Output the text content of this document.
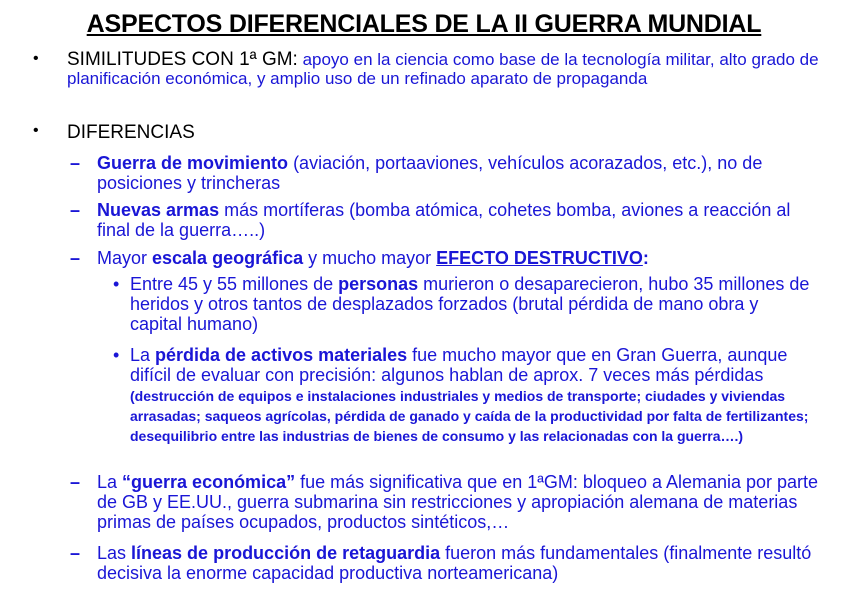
ASPECTOS DIFERENCIALES DE LA II GUERRA MUNDIAL
• SIMILITUDES CON 1ª GM: apoyo en la ciencia como base de la tecnología militar, alto grado de planificación económica, y amplio uso de un refinado aparato de propaganda
• DIFERENCIAS
– Guerra de movimiento (aviación, portaaviones, vehículos acorazados, etc.), no de posiciones y trincheras
– Nuevas armas más mortíferas (bomba atómica, cohetes bomba, aviones a reacción al final de la guerra…..)
– Mayor escala geográfica y mucho mayor EFECTO DESTRUCTIVO:
• Entre 45 y 55 millones de personas murieron o desaparecieron, hubo 35 millones de heridos y otros tantos de desplazados forzados (brutal pérdida de mano obra y capital humano)
• La pérdida de activos materiales fue mucho mayor que en Gran Guerra, aunque difícil de evaluar con precisión: algunos hablan de aprox. 7 veces más pérdidas (destrucción de equipos e instalaciones industriales y medios de transporte; ciudades y viviendas arrasadas; saqueos agrícolas, pérdida de ganado y caída de la productividad por falta de fertilizantes; desequilibrio entre las industrias de bienes de consumo y las relacionadas con la guerra….)
– La “guerra económica” fue más significativa que en 1ªGM: bloqueo a Alemania por parte de GB y EE.UU., guerra submarina sin restricciones y apropiación alemana de materias primas de países ocupados, productos sintéticos,…
– Las líneas de producción de retaguardia fueron más fundamentales (finalmente resultó decisiva la enorme capacidad productiva norteamericana)
